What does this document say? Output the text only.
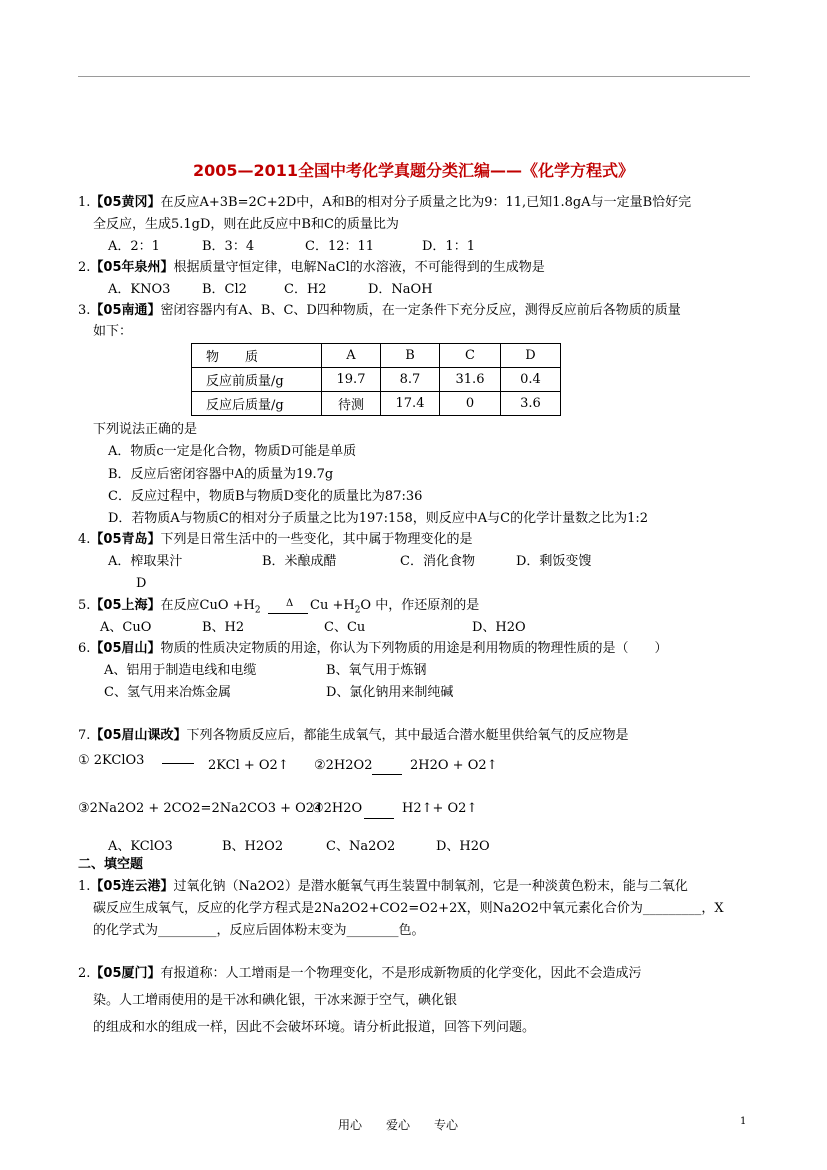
2005—2011全国中考化学真题分类汇编——《化学方程式》
1.【05黄冈】在反应A+3B=2C+2D中，A和B的相对分子质量之比为9：11,已知1.8gA与一定量B恰好完
全反应，生成5.1gD，则在此反应中B和C的质量比为
A．2：1	B．3：4	C．12：11	D．1：1
2.【05年泉州】根据质量守恒定律，电解NaCl的水溶液，不可能得到的生成物是
A．KNO3 B．Cl2	C．H2	D．NaOH
3.【05南通】密闭容器内有A、B、C、D四种物质，在一定条件下充分反应，测得反应前后各物质的质量
如下：
物　　质	A	B	C	D
反应前质量/g	19.7	8.7	31.6	0.4
反应后质量/g	待测	17.4	0	3.6
下列说法正确的是
A．物质c一定是化合物，物质D可能是单质
B．反应后密闭容器中A的质量为19.7g
C．反应过程中，物质B与物质D变化的质量比为87:36
D．若物质A与物质C的相对分子质量之比为197:158，则反应中A与C的化学计量数之比为1:2
4.【05青岛】下列是日常生活中的一些变化，其中属于物理变化的是
A．榨取果汁	B．米酿成醋	C．消化食物	D．剩饭变馊
D
5.【05上海】在反应CuO $+H_2$
Δ $Cu +H_2O$ 中，作还原剂的是
A、CuO	B、H2	C、Cu	D、H2O
6.【05眉山】物质的性质决定物质的用途，你认为下列物质的用途是利用物质的物理性质的是（　　）
A、铝用于制造电线和电缆	B、氧气用于炼钢
C、氢气用来冶炼金属	D、氯化钠用来制纯碱
7.【05眉山课改】下列各物质反应后，都能生成氧气，其中最适合潜水艇里供给氧气的反应物是
① 2KClO3	2KCl + O2↑ ②2H2O2	2H2O + O2↑
③2Na2O2 + 2CO2=2Na2CO3 + O2↑
④2H2O	H2↑+ O2↑
A、KClO3	B、H2O2	C、Na2O2	D、H2O
二、填空题
1.【05连云港】过氧化钠（Na2O2）是潜水艇氧气再生装置中制氧剂，它是一种淡黄色粉末，能与二氧化
碳反应生成氧气，反应的化学方程式是2Na2O2+CO2=O2+2X，则Na2O2中氧元素化合价为_________，X
的化学式为_________，反应后固体粉末变为________色。
2.【05厦门】有报道称：人工增雨是一个物理变化，不是形成新物质的化学变化，因此不会造成污
染。人工增雨使用的是干冰和碘化银，干冰来源于空气，碘化银
的组成和水的组成一样，因此不会破坏环境。请分析此报道，回答下列问题。
用心　　爱心　　专心	1
